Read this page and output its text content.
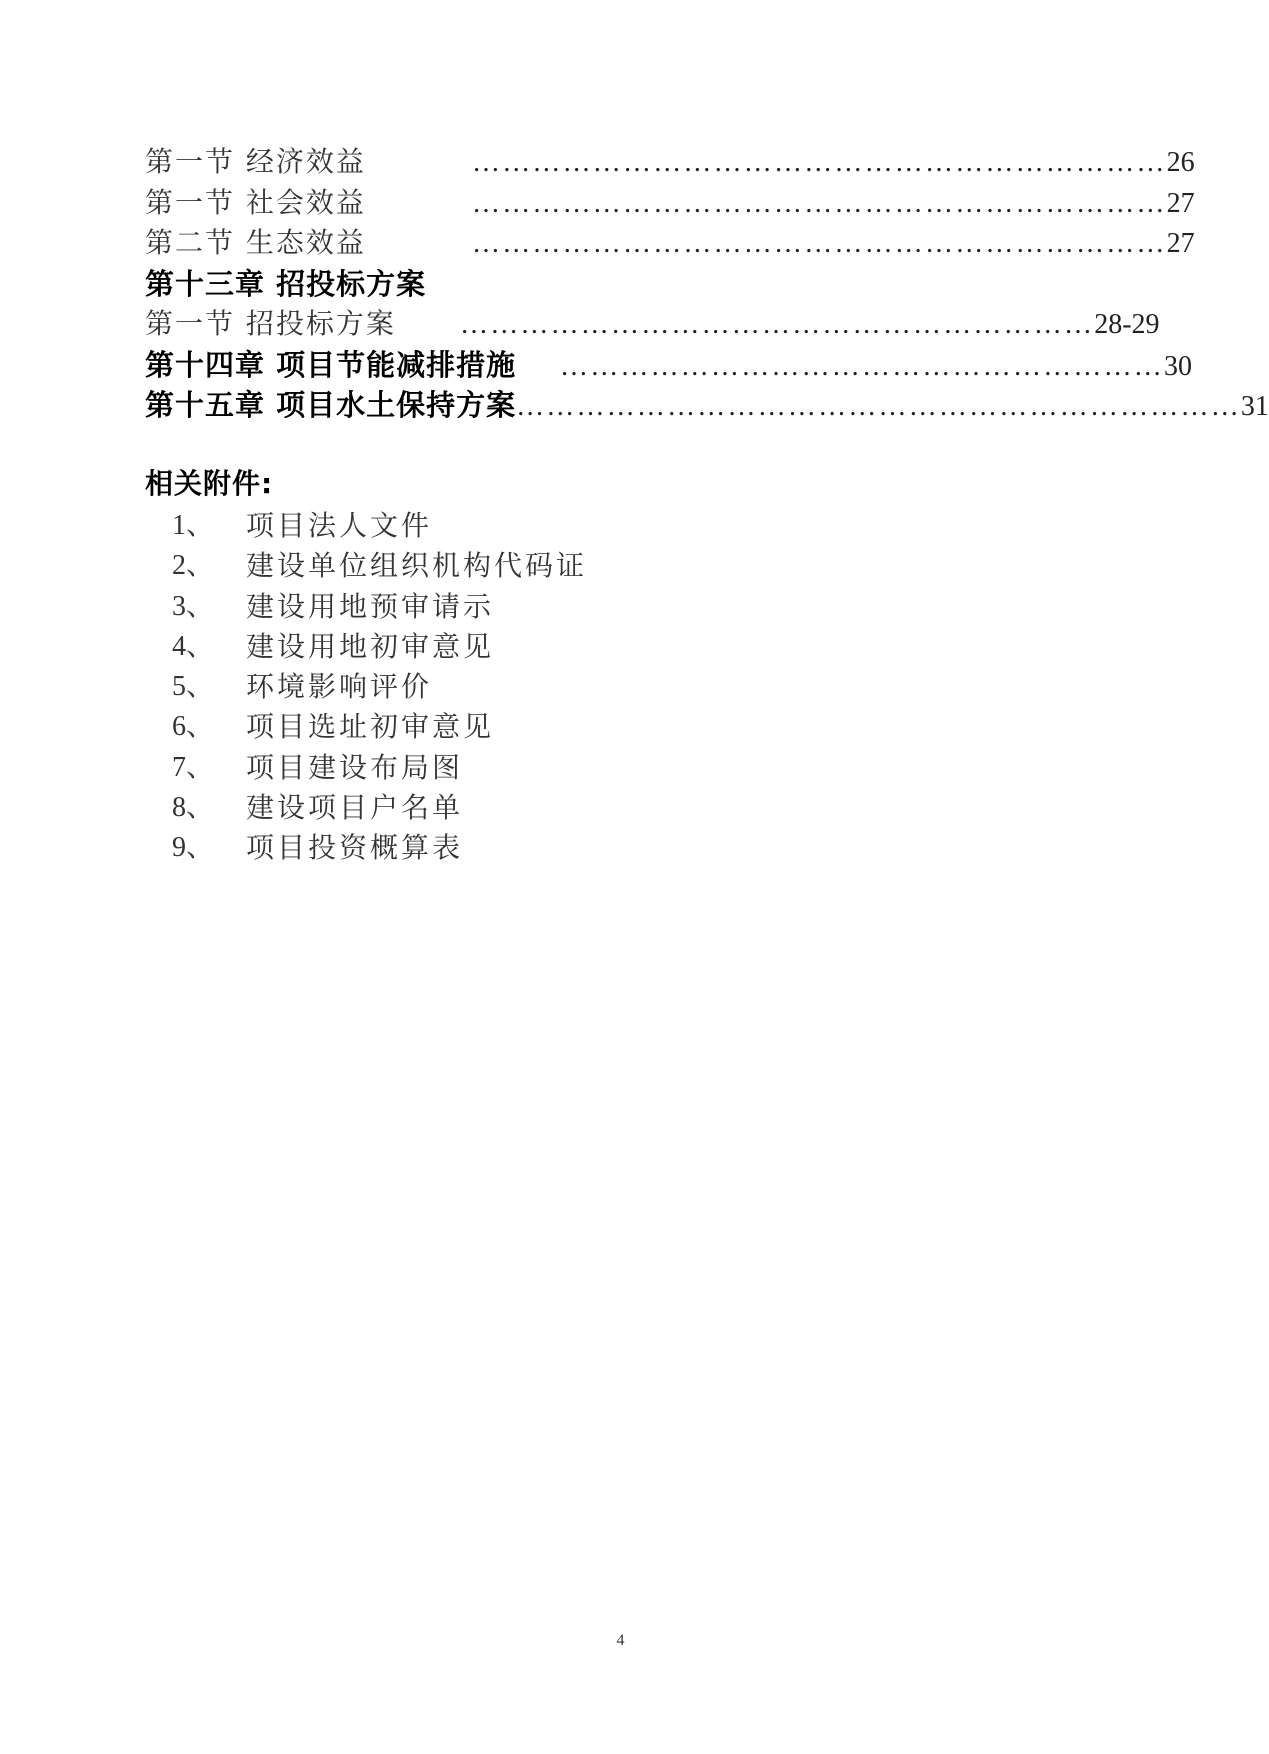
第一节 经济效益	…………………………………………………………… 26
第一节 社会效益	…………………………………………………………… 27
第二节 生态效益	…………………………………………………………… 27
第十三章 招投标方案
第一节 招投标方案	……………………………………………………… 28-29
第十四章 项目节能减排措施	…………………………………………………… 30
第十五章 项目水土保持方案 ……………………………………………………………… 31
相关附件:
1、	项目法人文件
2、	建设单位组织机构代码证
3、	建设用地预审请示
4、	建设用地初审意见
5、	环境影响评价
6、	项目选址初审意见
7、	项目建设布局图
8、	建设项目户名单
9、	项目投资概算表
4
